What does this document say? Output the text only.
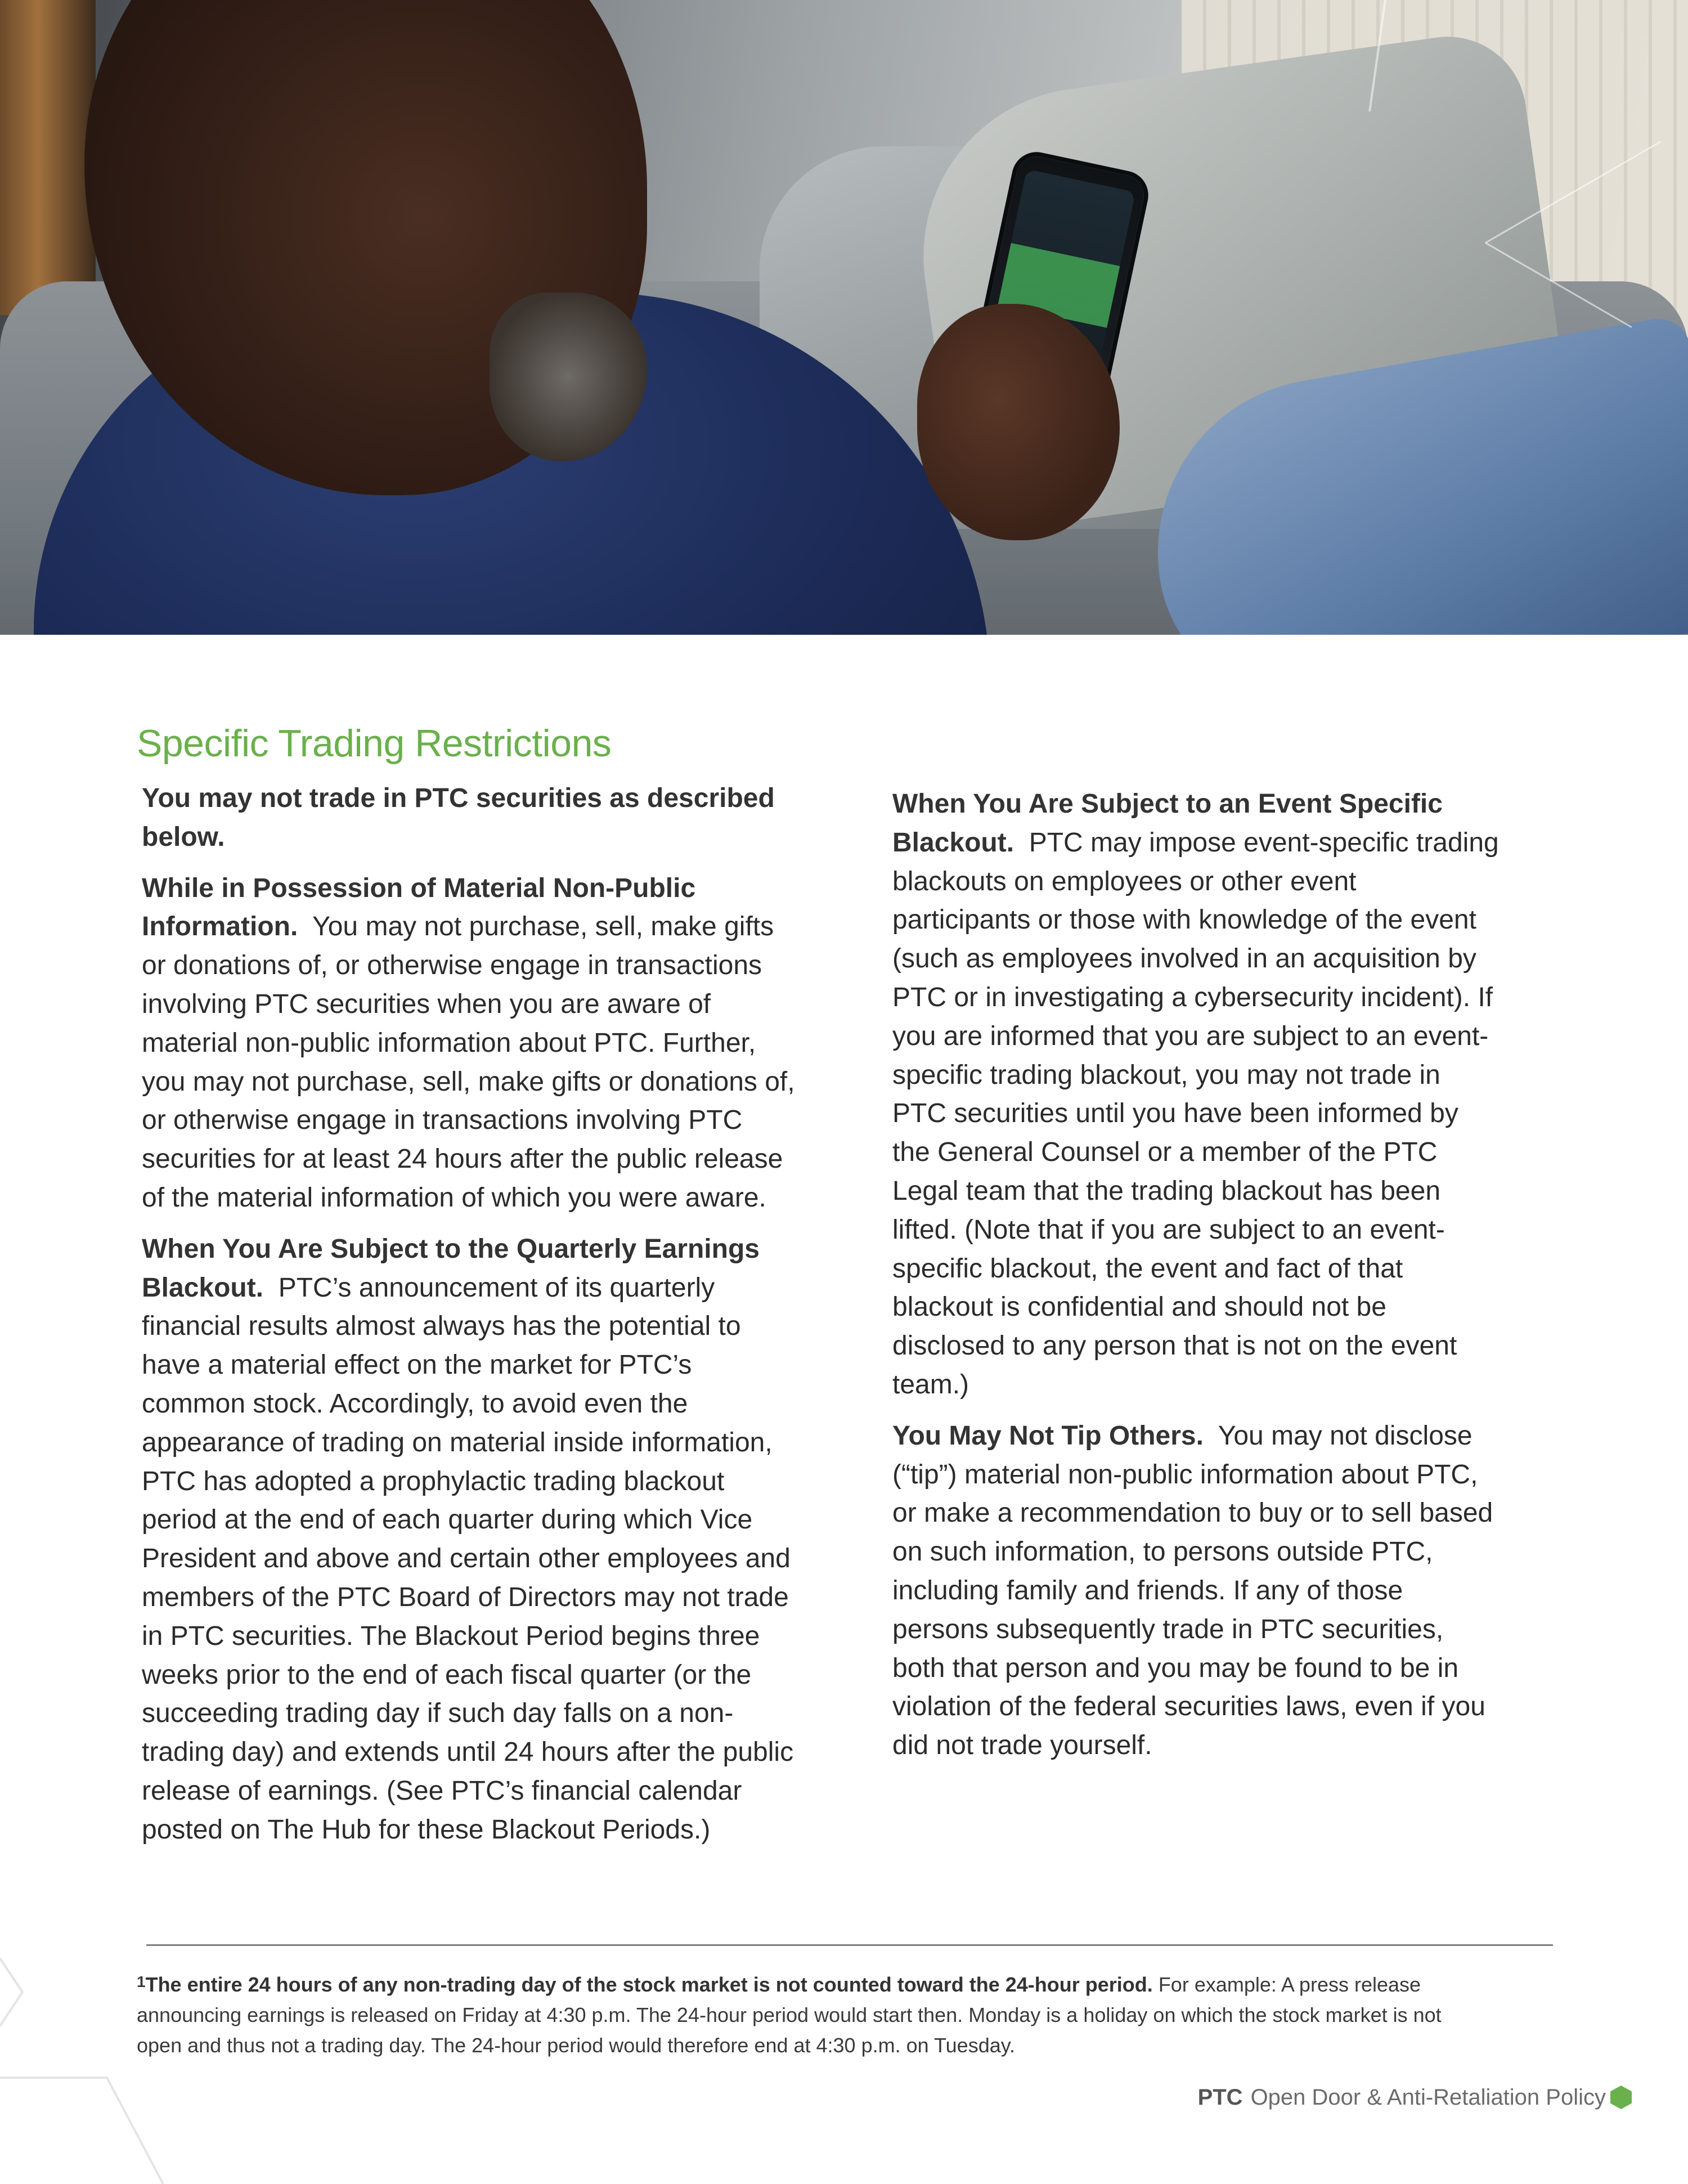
Specific Trading Restrictions

You may not trade in PTC securities as described below.

While in Possession of Material Non-Public Information. You may not purchase, sell, make gifts or donations of, or otherwise engage in transactions involving PTC securities when you are aware of material non-public information about PTC. Further, you may not purchase, sell, make gifts or donations of, or otherwise engage in transactions involving PTC securities for at least 24 hours after the public release of the material information of which you were aware.

When You Are Subject to the Quarterly Earnings Blackout. PTC’s announcement of its quarterly financial results almost always has the potential to have a material effect on the market for PTC’s common stock. Accordingly, to avoid even the appearance of trading on material inside information, PTC has adopted a prophylactic trading blackout period at the end of each quarter during which Vice President and above and certain other employees and members of the PTC Board of Directors may not trade in PTC securities. The Blackout Period begins three weeks prior to the end of each fiscal quarter (or the succeeding trading day if such day falls on a non-trading day) and extends until 24 hours after the public release of earnings. (See PTC’s financial calendar posted on The Hub for these Blackout Periods.)

When You Are Subject to an Event Specific Blackout. PTC may impose event-specific trading blackouts on employees or other event participants or those with knowledge of the event (such as employees involved in an acquisition by PTC or in investigating a cybersecurity incident). If you are informed that you are subject to an event-specific trading blackout, you may not trade in PTC securities until you have been informed by the General Counsel or a member of the PTC Legal team that the trading blackout has been lifted. (Note that if you are subject to an event-specific blackout, the event and fact of that blackout is confidential and should not be disclosed to any person that is not on the event team.)

You May Not Tip Others. You may not disclose (“tip”) material non-public information about PTC, or make a recommendation to buy or to sell based on such information, to persons outside PTC, including family and friends. If any of those persons subsequently trade in PTC securities, both that person and you may be found to be in violation of the federal securities laws, even if you did not trade yourself.

$^1$The entire 24 hours of any non-trading day of the stock market is not counted toward the 24-hour period. For example: A press release announcing earnings is released on Friday at 4:30 p.m. The 24-hour period would start then. Monday is a holiday on which the stock market is not open and thus not a trading day. The 24-hour period would therefore end at 4:30 p.m. on Tuesday.

PTC Open Door & Anti-Retaliation Policy
